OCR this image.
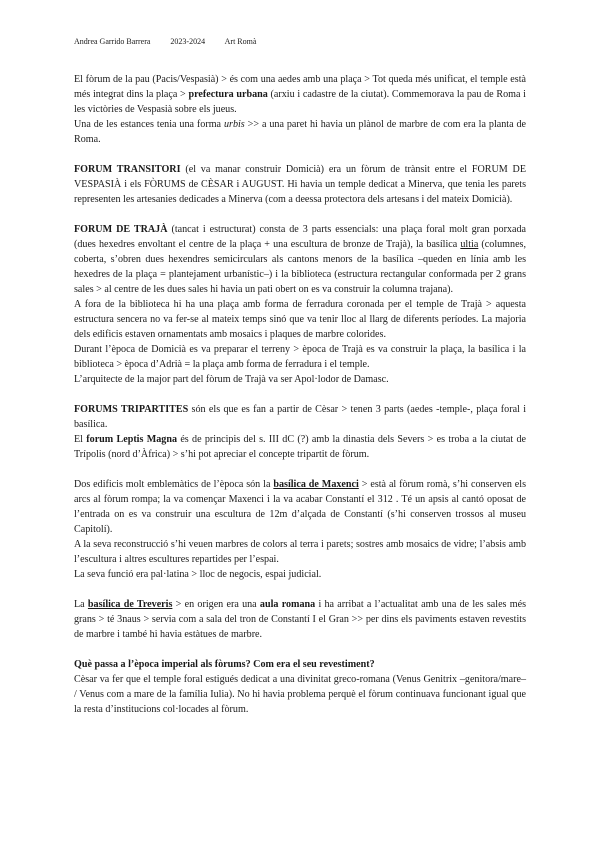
Andrea Garrido Barrera	2023-2024 Art Romà

El fòrum de la pau (Pacis/Vespasià) > és com una aedes amb una plaça > Tot queda més unificat, el temple està més integrat dins la plaça > prefectura urbana (arxiu i cadastre de la ciutat). Commemorava la pau de Roma i les victòries de Vespasià sobre els jueus.

Una de les estances tenia una forma urbis >> a una paret hi havia un plànol de marbre de com era la planta de Roma.

FORUM TRANSITORI (el va manar construir Domicià) era un fòrum de trànsit entre el FORUM DE VESPASIÀ i els FÒRUMS de CÈSAR i AUGUST. Hi havia un temple dedicat a Minerva, que tenia les parets representen les artesanies dedicades a Minerva (com a deessa protectora dels artesans i del mateix Domicià).

FORUM DE TRAJÀ (tancat i estructurat) consta de 3 parts essencials: una plaça foral molt gran porxada (dues hexedres envoltant el centre de la plaça + una escultura de bronze de Trajà), la basílica ultia (columnes, coberta, s’obren dues hexendres semicirculars als cantons menors de la basílica –queden en línia amb les hexedres de la plaça = plantejament urbanístic–) i la biblioteca (estructura rectangular conformada per 2 grans sales > al centre de les dues sales hi havia un pati obert on es va construir la columna trajana).

A fora de la biblioteca hi ha una plaça amb forma de ferradura coronada per el temple de Trajà > aquesta estructura sencera no va fer-se al mateix temps sinó que va tenir lloc al llarg de diferents períodes. La majoria dels edificis estaven ornamentats amb mosaics i plaques de marbre colorides.

Durant l’època de Domicià es va preparar el terreny > època de Trajà es va construir la plaça, la basílica i la biblioteca > època d’Adrià = la plaça amb forma de ferradura i el temple.

L’arquitecte de la major part del fòrum de Trajà va ser Apol·lodor de Damasc.

FORUMS TRIPARTITES són els que es fan a partir de Cèsar > tenen 3 parts (aedes -temple-, plaça foral i basílica.

El forum Leptis Magna és de principis del s. III dC (?) amb la dinastia dels Severs > es troba a la ciutat de Trípolis (nord d’Àfrica) > s’hi pot apreciar el concepte tripartit de fòrum.

Dos edificis molt emblemàtics de l’època són la basílica de Maxenci > està al fòrum romà, s’hi conserven els arcs al fòrum rompa; la va començar Maxenci i la va acabar Constantí el 312 . Té un apsis al cantó oposat de l’entrada on es va construir una escultura de 12m d’alçada de Constantí (s’hi conserven trossos al museu Capitolí).

A la seva reconstrucció s’hi veuen marbres de colors al terra i parets; sostres amb mosaics de vidre; l’absis amb l’escultura i altres escultures repartides per l’espai.

La seva funció era pal·latina > lloc de negocis, espai judicial.

La basílica de Treveris > en origen era una aula romana i ha arribat a l’actualitat amb una de les sales més grans > té 3naus > servia com a sala del tron de Constantí I el Gran >> per dins els paviments estaven revestits de marbre i també hi havia estàtues de marbre.

Què passa a l’època imperial als fòrums? Com era el seu revestiment?

Cèsar va fer que el temple foral estigués dedicat a una divinitat greco-romana (Venus Genitrix –genitora/mare– / Venus com a mare de la família Iulia). No hi havia problema perquè el fòrum continuava funcionant igual que la resta d’institucions col·locades al fòrum.
